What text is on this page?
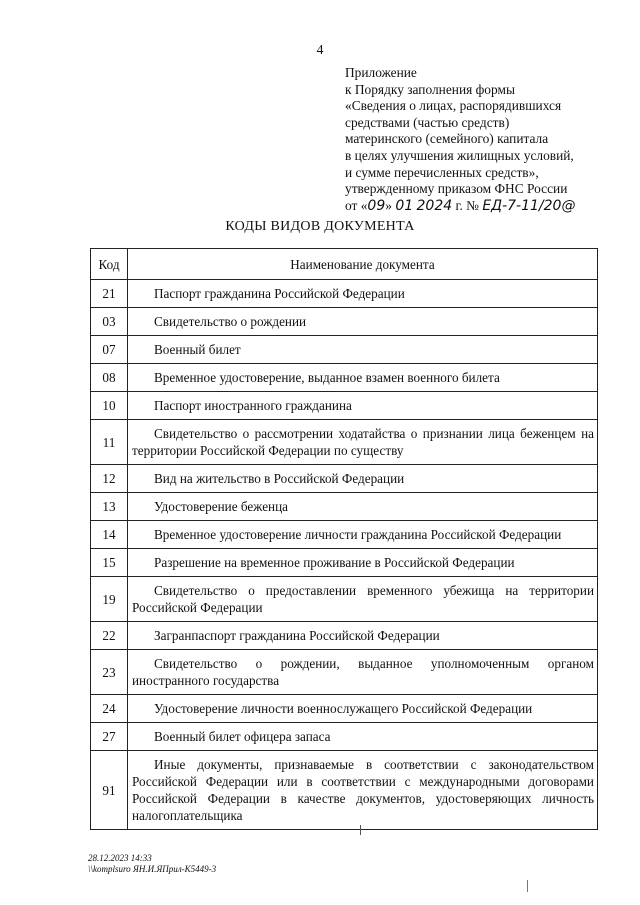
4
Приложение
к Порядку заполнения формы
«Сведения о лицах, распорядившихся
средствами (частью средств)
материнского (семейного) капитала
в целях улучшения жилищных условий,
и сумме перечисленных средств»,
утвержденному приказом ФНС России
от «09» 01 2024 г. № ЕД-7-11/20@
КОДЫ ВИДОВ ДОКУМЕНТА
Код	Наименование документа
21	Паспорт гражданина Российской Федерации
03	Свидетельство о рождении
07	Военный билет
08	Временное удостоверение, выданное взамен военного билета
10	Паспорт иностранного гражданина
11	Свидетельство о рассмотрении ходатайства о признании лица беженцем на территории Российской Федерации по существу
12	Вид на жительство в Российской Федерации
13	Удостоверение беженца
14	Временное удостоверение личности гражданина Российской Федерации
15	Разрешение на временное проживание в Российской Федерации
19	Свидетельство о предоставлении временного убежища на территории Российской Федерации
22	Загранпаспорт гражданина Российской Федерации
23	Свидетельство о рождении, выданное уполномоченным органом иностранного государства
24	Удостоверение личности военнослужащего Российской Федерации
27	Военный билет офицера запаса
91	Иные документы, признаваемые в соответствии с законодательством Российской Федерации или в соответствии с международными договорами Российской Федерации в качестве документов, удостоверяющих личность налогоплательщика
28.12.2023 14:33
\\komplsuro ЯН.И.ЯПрил-К5449-3
